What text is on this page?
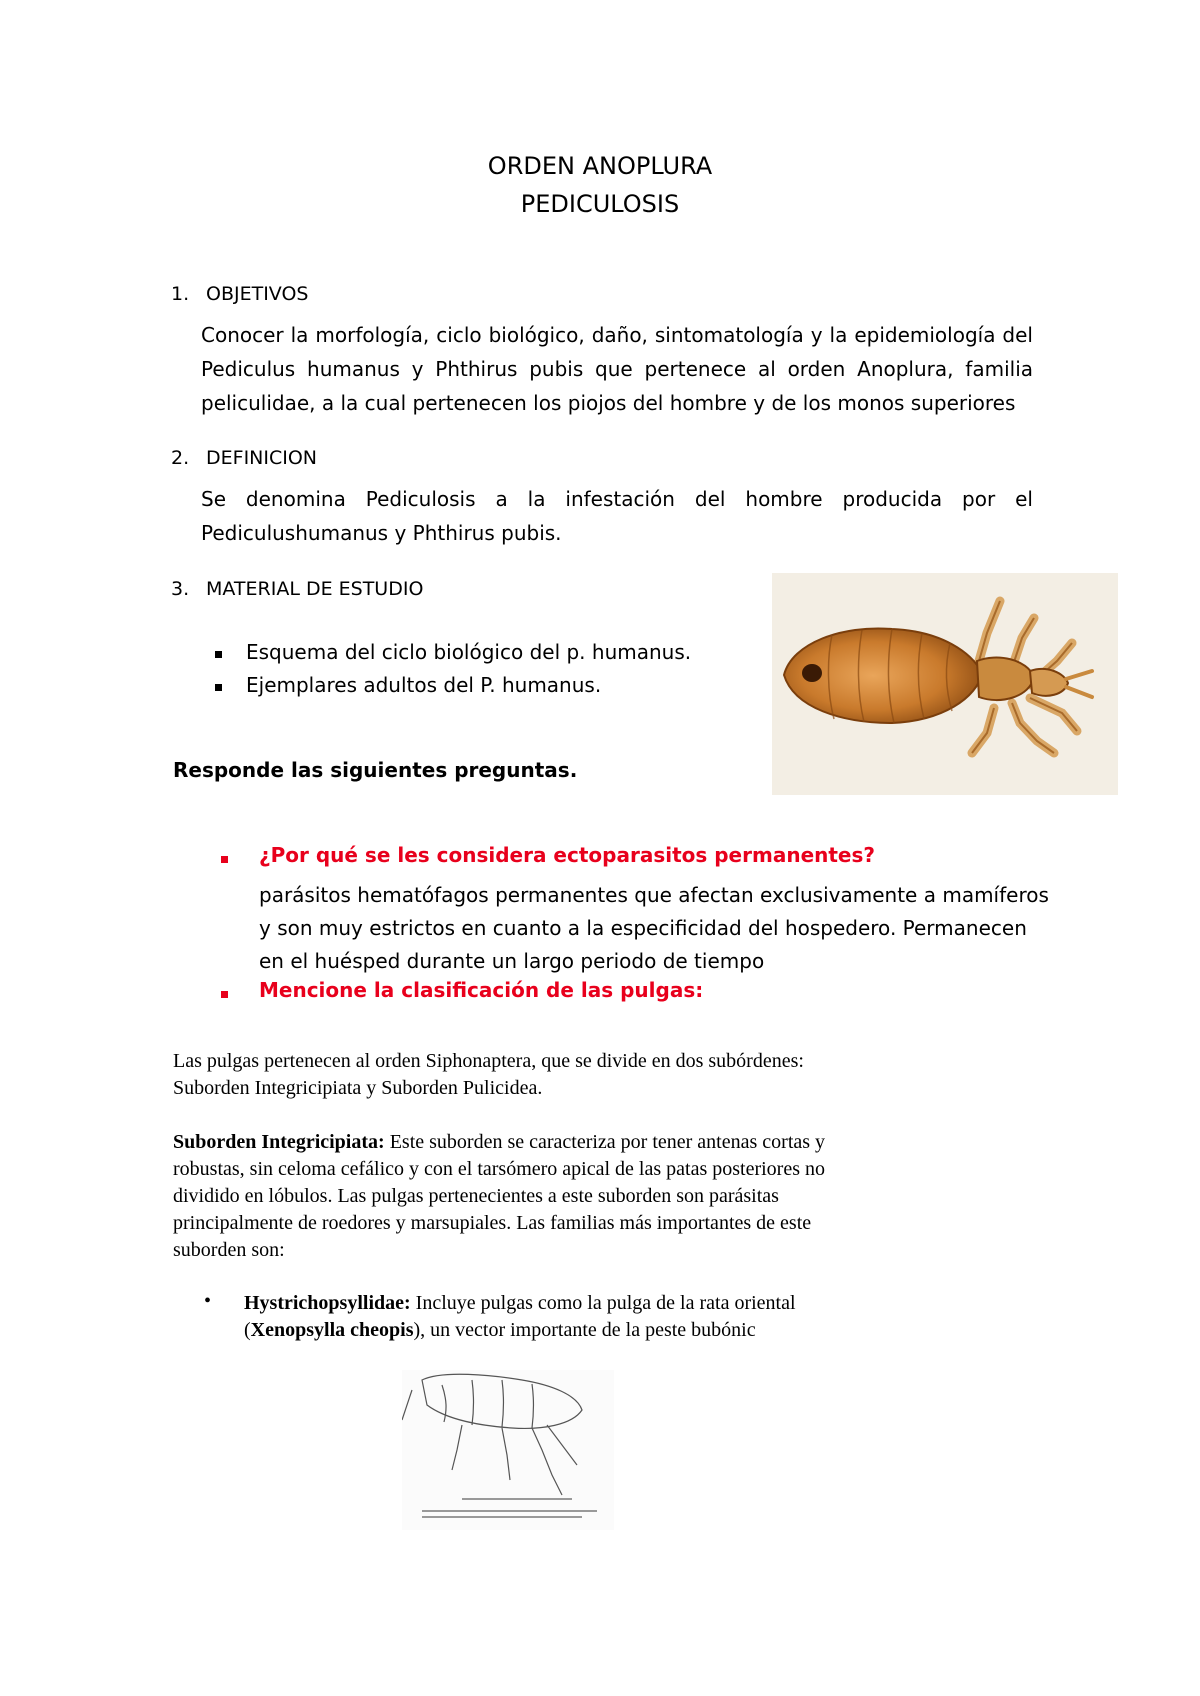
ORDEN ANOPLURA
PEDICULOSIS
1. OBJETIVOS
Conocer la morfología, ciclo biológico, daño, sintomatología y la epidemiología del
Pediculus humanus y Phthirus pubis que pertenece al orden Anoplura, familia
peliculidae, a la cual pertenecen los piojos del hombre y de los monos superiores
2. DEFINICION
Se denomina Pediculosis a la infestación del hombre producida por el
Pediculushumanus y Phthirus pubis.
3. MATERIAL DE ESTUDIO
Esquema del ciclo biológico del p. humanus.
Ejemplares adultos del P. humanus.
Responde las siguientes preguntas.
¿Por qué se les considera ectoparasitos permanentes?
parásitos hematófagos permanentes que afectan exclusivamente a mamíferos
y son muy estrictos en cuanto a la especificidad del hospedero. Permanecen
en el huésped durante un largo periodo de tiempo
Mencione la clasificación de las pulgas:
Las pulgas pertenecen al orden Siphonaptera, que se divide en dos subórdenes:
Suborden Integricipiata y Suborden Pulicidea.
Suborden Integricipiata: Este suborden se caracteriza por tener antenas cortas y
robustas, sin celoma cefálico y con el tarsómero apical de las patas posteriores no
dividido en lóbulos. Las pulgas pertenecientes a este suborden son parásitas
principalmente de roedores y marsupiales. Las familias más importantes de este
suborden son:
• Hystrichopsyllidae: Incluye pulgas como la pulga de la rata oriental
(Xenopsylla cheopis), un vector importante de la peste bubónic
